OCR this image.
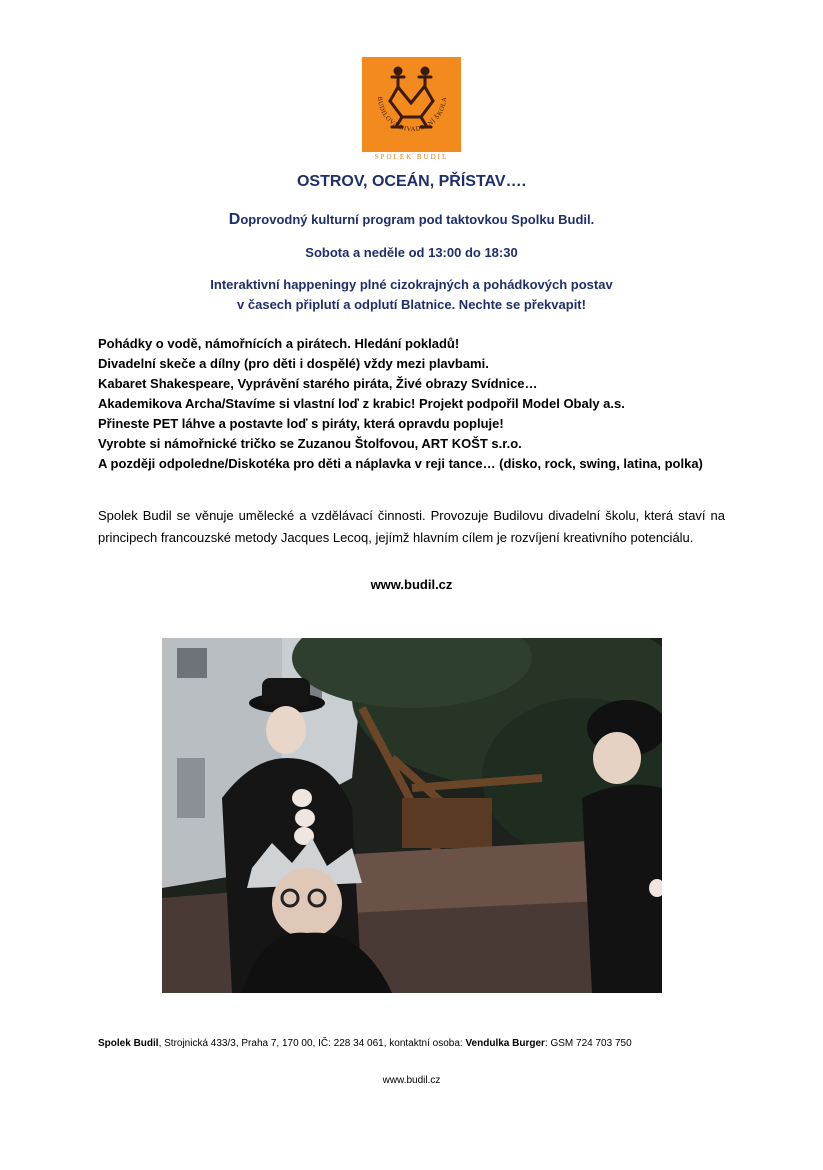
BUDILOVA DIVADELNÍ ŠKOLA
SPOLEK BUDIL
OSTROV, OCEÁN, PŘÍSTAV….
Doprovodný kulturní program pod taktovkou Spolku Budil.
Sobota a neděle od 13:00 do 18:30
Interaktivní happeningy plné cizokrajných a pohádkových postav
v časech připlutí a odplutí Blatnice. Nechte se překvapit!
Pohádky o vodě, námořnících a pirátech. Hledání pokladů!
Divadelní skeče a dílny (pro děti i dospělé) vždy mezi plavbami.
Kabaret Shakespeare, Vyprávění starého piráta, Živé obrazy Svídnice…
Akademikova Archa/Stavíme si vlastní loď z krabic! Projekt podpořil Model Obaly a.s.
Přineste PET láhve a postavte loď s piráty, která opravdu popluje!
Vyrobte si námořnické tričko se Zuzanou Štolfovou, ART KOŠT s.r.o.
A později odpoledne/Diskotéka pro děti a náplavka v reji tance… (disko, rock, swing, latina, polka)
Spolek Budil se věnuje umělecké a vzdělávací činnosti. Provozuje Budilovu divadelní školu, která staví na principech francouzské metody Jacques Lecoq, jejímž hlavním cílem je rozvíjení kreativního potenciálu.
www.budil.cz
Spolek Budil, Strojnická 433/3, Praha 7, 170 00, IČ: 228 34 061, kontaktní osoba: Vendulka Burger: GSM 724 703 750
www.budil.cz
